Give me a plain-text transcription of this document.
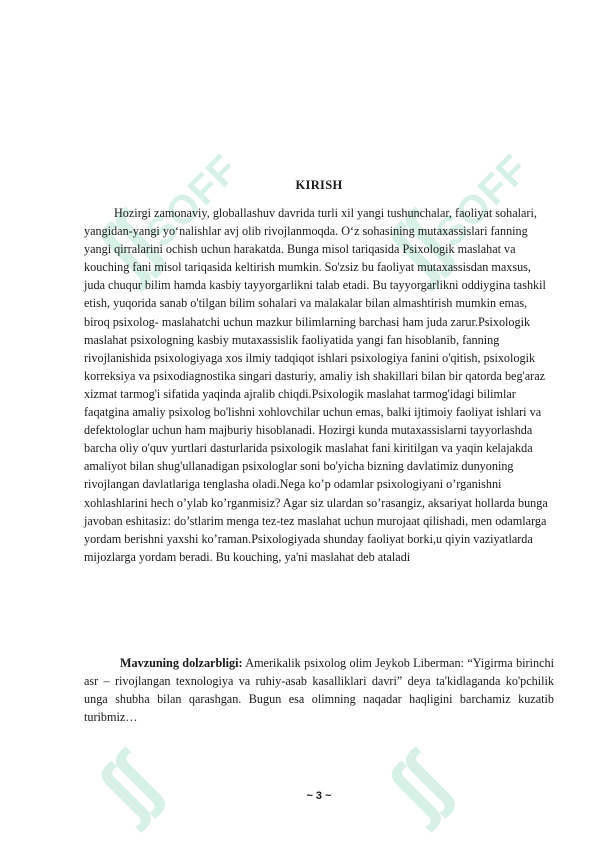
ʃʃ SOFF ʃʃ SOFF
ʃʃ	ʃʃ
KIRISH

Hozirgi zamonaviy, globallashuv davrida turli xil yangi tushunchalar, faoliyat sohalari, yangidan-yangi yo‘nalishlar avj olib rivojlanmoqda. O‘z sohasining mutaxassislari fanning yangi qirralarini ochish uchun harakatda. Bunga misol tariqasida Psixologik maslahat va kouching fani misol tariqasida keltirish mumkin. So'zsiz bu faoliyat mutaxassisdan maxsus, juda chuqur bilim hamda kasbiy tayyorgarlikni talab etadi. Bu tayyorgarlikni oddiygina tashkil etish, yuqorida sanab o'tilgan bilim sohalari va malakalar bilan almashtirish mumkin emas, biroq psixolog- maslahatchi uchun mazkur bilimlarning barchasi ham juda zarur.Psixologik maslahat psixologning kasbiy mutaxassislik faoliyatida yangi fan hisoblanib, fanning rivojlanishida psixologiyaga xos ilmiy tadqiqot ishlari psixologiya fanini o'qitish, psixologik korreksiya va psixodiagnostika singari dasturiy, amaliy ish shakillari bilan bir qatorda beg'araz xizmat tarmog'i sifatida yaqinda ajralib chiqdi.Psixologik maslahat tarmog'idagi bilimlar faqatgina amaliy psixolog bo'lishni xohlovchilar uchun emas, balki ijtimoiy faoliyat ishlari va defektologlar uchun ham majburiy hisoblanadi. Hozirgi kunda mutaxassislarni tayyorlashda barcha oliy o'quv yurtlari dasturlarida psixologik maslahat fani kiritilgan va yaqin kelajakda amaliyot bilan shug'ullanadigan psixologlar soni bo'yicha bizning davlatimiz dunyoning rivojlangan davlatlariga tenglasha oladi.Nega ko’p odamlar psixologiyani o’rganishni xohlashlarini hech o’ylab ko’rganmisiz? Agar siz ulardan so’rasangiz, aksariyat hollarda bunga javoban eshitasiz: do’stlarim menga tez-tez maslahat uchun murojaat qilishadi, men odamlarga yordam berishni yaxshi ko’raman.Psixologiyada shunday faoliyat borki,u qiyin vaziyatlarda mijozlarga yordam beradi. Bu kouching, ya'ni maslahat deb ataladi

Mavzuning dolzarbligi: Amerikalik psixolog olim Jeykob Liberman: “Yigirma birinchi asr – rivojlangan texnologiya va ruhiy-asab kasalliklari davri” deya ta'kidlaganda ko'pchilik unga shubha bilan qarashgan. Bugun esa olimning naqadar haqligini barchamiz kuzatib turibmiz…

~ 3 ~
